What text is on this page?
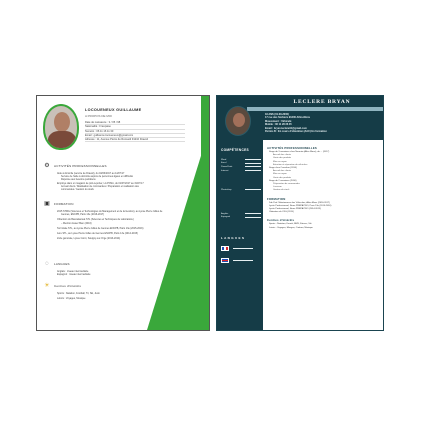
LOCOUENEUX GUILLAUME
A PROPOS DE MOI
Date de naissance : 3 / 05 / 98
Nationalité : Française
Numéro : 06 11 16 11 30
Email : guillaume.locoueneux@gmail.com
Adresse : 11, Avenue Pierre de Ronsard 91210 Draveil
⚙	ACTIVITÉS PROFESSIONNELLES
Aide à domicile (service de Draveil), du 04/06/2017 au 14/07/17
Service de l'aide à domicile auprès de personnes âgées en difficulté
Réponse aux besoins quotidiens
Employé dans un magasin de prêt-à-porter, LA POSA, du 01/07/2017 au 31/07/17
Accueil client / Réalisation de commandes / Préparation et réalisation des
commandes / Gestion du stock
▣	FORMATION
2015 STMG (Sciences et Technologies du Management et de la Gestion), au Lycée Pierre Gilles de
Gennes, ENCPB, Paris 13e (2016-2017)
Obtention du Baccalauréat STL (Sciences et Techniques de Laboratoire)
– Mention Assez Bien (2016)
Terminale STL, au Lycée Pierre Gilles de Gennes ENCPB, Paris 13e (2015-2016)
1ère STL, au Lycée Pierre Gilles de Gennes ENCPB, Paris 13e (2014-2015)
2nde générale, Lycée Corot, Savigny-sur-Orge (2013-2014)
◌	LANGUES
Anglais : niveau intermédiaire
Espagnol : niveau intermédiaire
☀	Centres d'intérêts
Sports : Natation, Football, Tir, Ski, Judo
Loisirs : Voyages, Musique
LECLERE BRYAN
18 ANS (01-08-2000)
17 rue des Sorbiers 91200 Athis-Mons
Mouvement : Véhiculé
Mobile : 06 11 28 36 45
Email : bryan.leclere91@gmail.com
Permis B : En cours d'obtention (AAC) En formation
COMPÉTENCES
Word
Excel
PowerPoint
Internet
Photoshop
Anglais
Espagnol
L A N G U E S
ACTIVITÉS PROFESSIONNELLES
Stage de 3 semaines chez Norauto (Athis-Mons), du ... (2017)
Accueil des clients
Vente des produits
Mise en rayon
Entretien et réparation de véhicules
Stage chez Carrefour (2016)
Accueil des clients
Mise en rayon
Vente des produits
Stage de 2 semaines (2016)
Préparation de commandes
Livraison
Gestion du stock
FORMATION
2de Prof. Maintenance des Véhicules, Athis-Mons (2016-2017)
Lycée Professionnel, 3ème PREPA PRO, Paris 13e (2015-2016)
Lycée Professionnel, 4ème PREPA PRO (2014-2015)
Obtention du CFG (2015)
Centres d'intérêts
Sports : Natation, Karaté, BMX, Fitness, Ski
Loisirs : Voyages, Mangas, Cinéma, Musique
